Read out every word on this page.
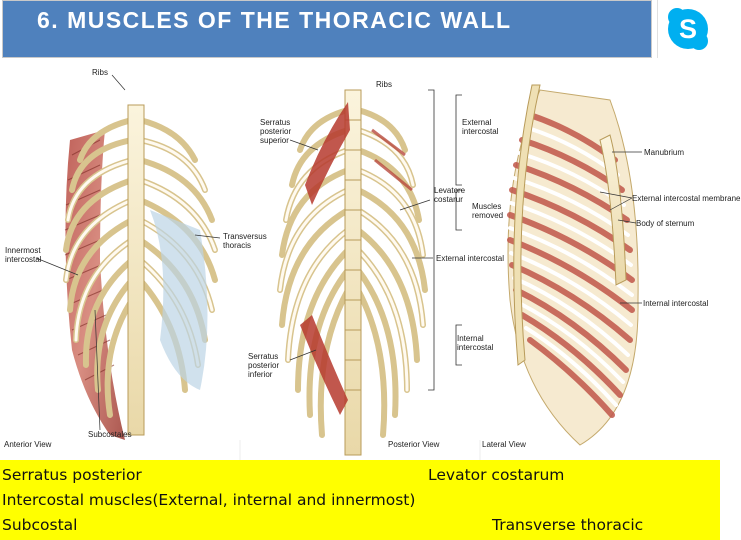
6. MUSCLES OF THE THORACIC WALL	S
Ribs
Innermost
intercostal
Transversus
thoracis
Subcostales
Anterior View
Ribs
Serratus
posterior
superior
Serratus
posterior
inferior
External
intercostal
Levatore
costarur
Muscles
removed
External intercostal
Internal
intercostal
Posterior View
Manubrium
External intercostal membrane
Body of sternum
Internal intercostal
Lateral View
Serratus posterior	Levator costarum
Intercostal muscles(External, internal and innermost)
Subcostal	Transverse thoracic
